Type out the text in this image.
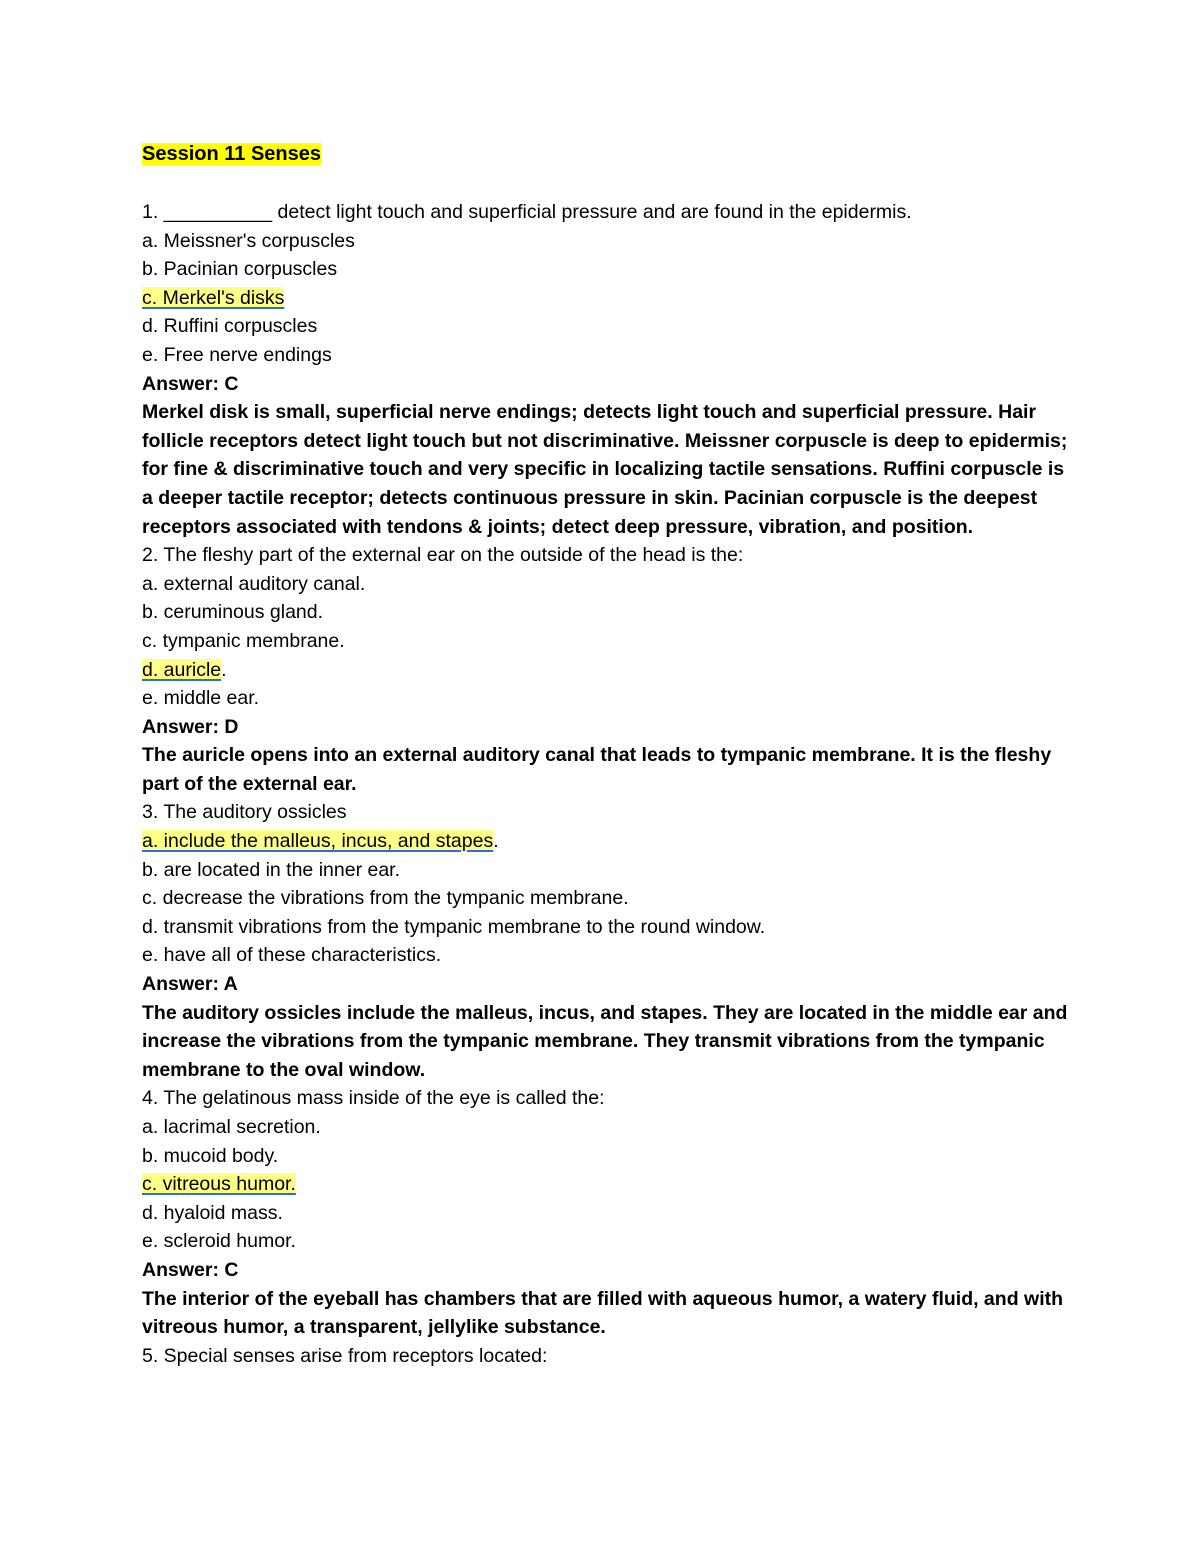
Session 11 Senses

1. __________ detect light touch and superficial pressure and are found in the epidermis.

a. Meissner's corpuscles

b. Pacinian corpuscles

c. Merkel's disks

d. Ruffini corpuscles

e. Free nerve endings

Answer: C

Merkel disk is small, superficial nerve endings; detects light touch and superficial pressure. Hair follicle receptors detect light touch but not discriminative. Meissner corpuscle is deep to epidermis; for fine & discriminative touch and very specific in localizing tactile sensations. Ruffini corpuscle is a deeper tactile receptor; detects continuous pressure in skin. Pacinian corpuscle is the deepest receptors associated with tendons & joints; detect deep pressure, vibration, and position.

2. The fleshy part of the external ear on the outside of the head is the:

a. external auditory canal.

b. ceruminous gland.

c. tympanic membrane.

d. auricle.

e. middle ear.

Answer: D

The auricle opens into an external auditory canal that leads to tympanic membrane. It is the fleshy part of the external ear.

3. The auditory ossicles

a. include the malleus, incus, and stapes.

b. are located in the inner ear.

c. decrease the vibrations from the tympanic membrane.

d. transmit vibrations from the tympanic membrane to the round window.

e. have all of these characteristics.

Answer: A

The auditory ossicles include the malleus, incus, and stapes. They are located in the middle ear and increase the vibrations from the tympanic membrane. They transmit vibrations from the tympanic membrane to the oval window.

4. The gelatinous mass inside of the eye is called the:

a. lacrimal secretion.

b. mucoid body.

c. vitreous humor.

d. hyaloid mass.

e. scleroid humor.

Answer: C

The interior of the eyeball has chambers that are filled with aqueous humor, a watery fluid, and with vitreous humor, a transparent, jellylike substance.

5. Special senses arise from receptors located:
